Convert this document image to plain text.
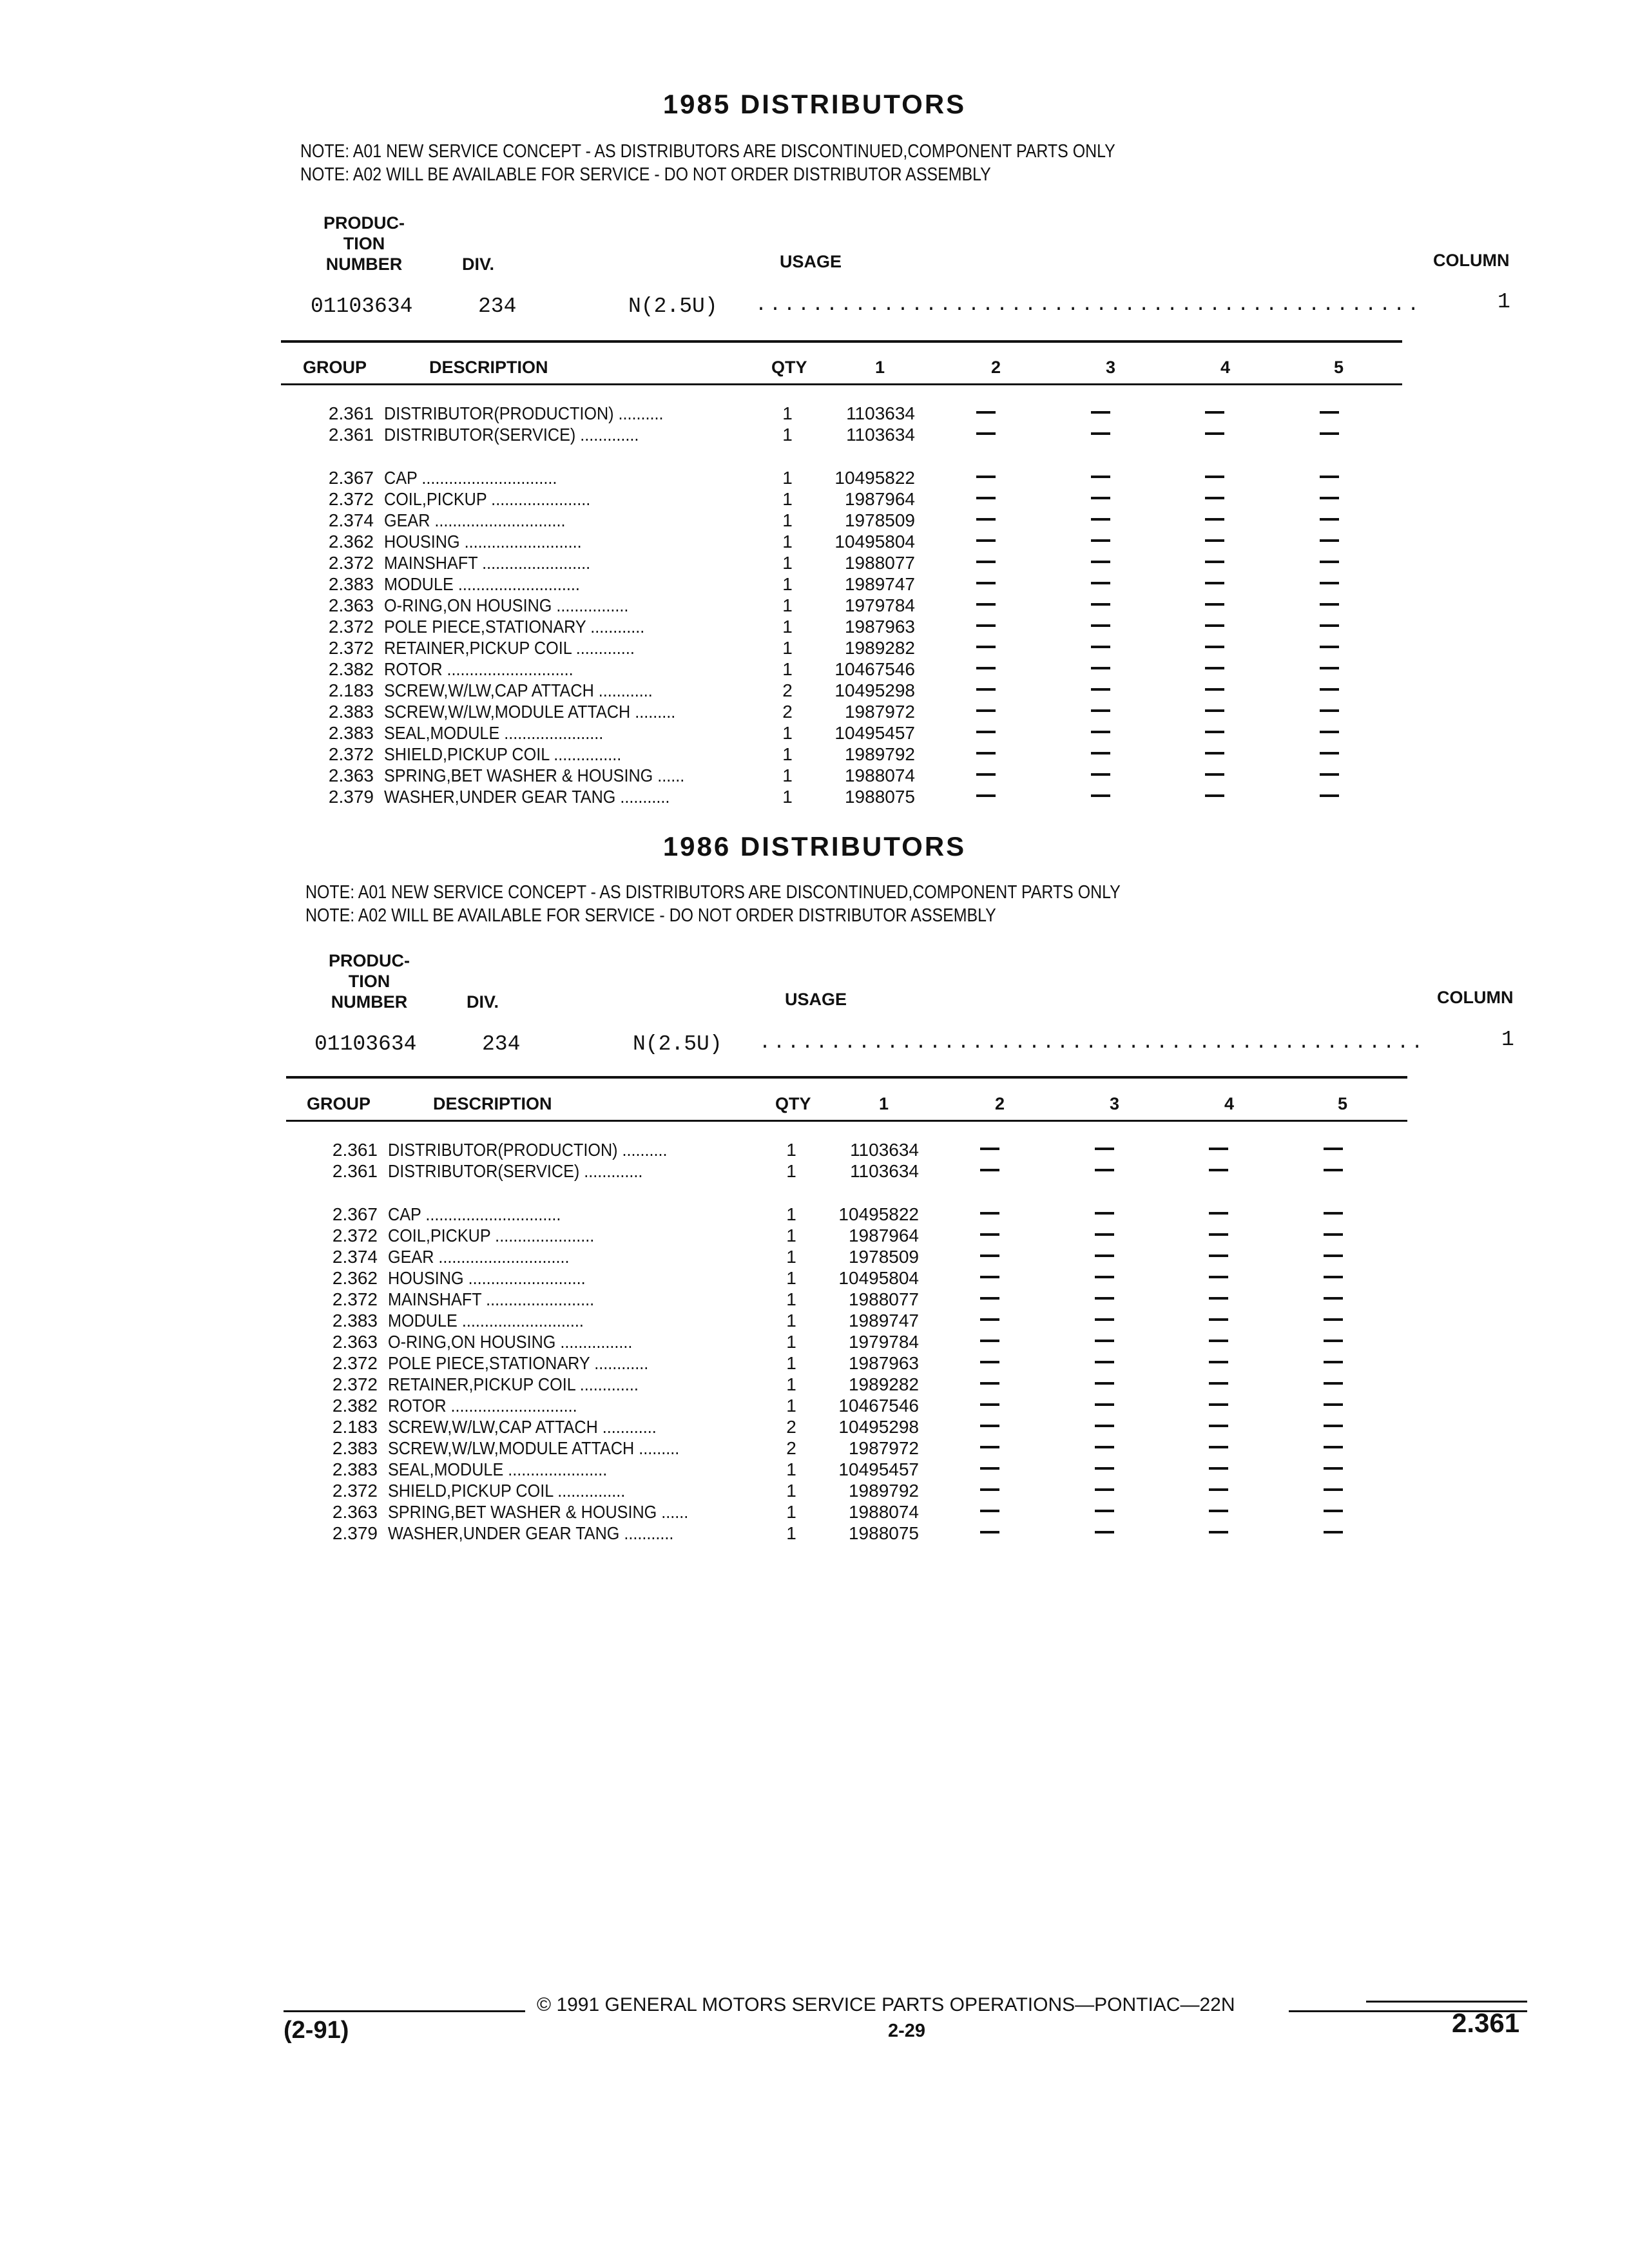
1985 DISTRIBUTORS
NOTE: A01 NEW SERVICE CONCEPT - AS DISTRIBUTORS ARE DISCONTINUED,COMPONENT PARTS ONLY
NOTE: A02 WILL BE AVAILABLE FOR SERVICE - DO NOT ORDER DISTRIBUTOR ASSEMBLY
PRODUC-
TION
NUMBER	DIV.	USAGE	COLUMN
01103634	234	N(2.5U) ...............................................	1
GROUP	DESCRIPTION	QTY	1	2	3	4	5
2.361 DISTRIBUTOR(PRODUCTION) ..........	1	1103634
2.361 DISTRIBUTOR(SERVICE) .............	1	1103634
2.367 CAP ..............................	1	10495822
2.372 COIL,PICKUP ......................	1	1987964
2.374 GEAR .............................	1	1978509
2.362 HOUSING ..........................	1	10495804
2.372 MAINSHAFT ........................	1	1988077
2.383 MODULE ...........................	1	1989747
2.363 O-RING,ON HOUSING ................	1	1979784
2.372 POLE PIECE,STATIONARY ............	1	1987963
2.372 RETAINER,PICKUP COIL .............	1	1989282
2.382 ROTOR ............................	1	10467546
2.183 SCREW,W/LW,CAP ATTACH ............	2	10495298
2.383 SCREW,W/LW,MODULE ATTACH .........	2	1987972
2.383 SEAL,MODULE ......................	1	10495457
2.372 SHIELD,PICKUP COIL ...............	1	1989792
2.363 SPRING,BET WASHER & HOUSING ......	1	1988074
2.379 WASHER,UNDER GEAR TANG ...........	1	1988075
1986 DISTRIBUTORS
NOTE: A01 NEW SERVICE CONCEPT - AS DISTRIBUTORS ARE DISCONTINUED,COMPONENT PARTS ONLY
NOTE: A02 WILL BE AVAILABLE FOR SERVICE - DO NOT ORDER DISTRIBUTOR ASSEMBLY
PRODUC-
TION
NUMBER	DIV.	USAGE	COLUMN
01103634	234	N(2.5U) ...............................................	1
GROUP	DESCRIPTION	QTY	1	2	3	4	5
2.361 DISTRIBUTOR(PRODUCTION) ..........	1	1103634
2.361 DISTRIBUTOR(SERVICE) .............	1	1103634
2.367 CAP ..............................	1	10495822
2.372 COIL,PICKUP ......................	1	1987964
2.374 GEAR .............................	1	1978509
2.362 HOUSING ..........................	1	10495804
2.372 MAINSHAFT ........................	1	1988077
2.383 MODULE ...........................	1	1989747
2.363 O-RING,ON HOUSING ................	1	1979784
2.372 POLE PIECE,STATIONARY ............	1	1987963
2.372 RETAINER,PICKUP COIL .............	1	1989282
2.382 ROTOR ............................	1	10467546
2.183 SCREW,W/LW,CAP ATTACH ............	2	10495298
2.383 SCREW,W/LW,MODULE ATTACH .........	2	1987972
2.383 SEAL,MODULE ......................	1	10495457
2.372 SHIELD,PICKUP COIL ...............	1	1989792
2.363 SPRING,BET WASHER & HOUSING ......	1	1988074
2.379 WASHER,UNDER GEAR TANG ...........	1	1988075
© 1991 GENERAL MOTORS SERVICE PARTS OPERATIONS—PONTIAC—22N
2-29
(2-91)	2.361
